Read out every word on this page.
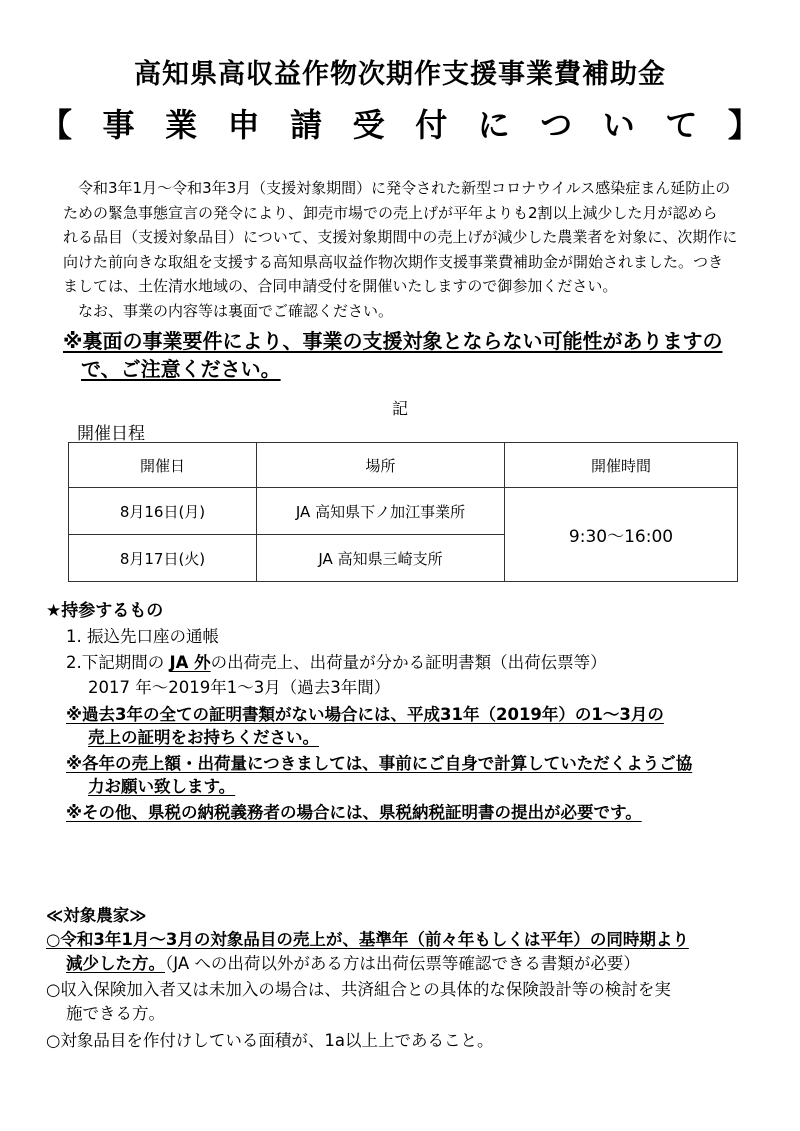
高知県高収益作物次期作支援事業費補助金
【 事 業 申 請 受 付 に つ い て 】
　令和3年1月～令和3年3月（支援対象期間）に発令された新型コロナウイルス感染症まん延防止の
ための緊急事態宣言の発令により、卸売市場での売上げが平年よりも2割以上減少した月が認めら
れる品目（支援対象品目）について、支援対象期間中の売上げが減少した農業者を対象に、次期作に
向けた前向きな取組を支援する高知県高収益作物次期作支援事業費補助金が開始されました。つき
ましては、土佐清水地域の、合同申請受付を開催いたしますので御参加ください。
　なお、事業の内容等は裏面でご確認ください。
※裏面の事業要件により、事業の支援対象とならない可能性がありますの
で、ご注意ください。
記
開催日程
開催日	場所	開催時間
8月16日(月)	JA 高知県下ノ加江事業所	9:30～16:00
8月17日(火)	JA 高知県三崎支所	
★持参するもの
1. 振込先口座の通帳
2.下記期間の JA 外の出荷売上、出荷量が分かる証明書類（出荷伝票等）
2017 年～2019年1～3月（過去3年間）
※過去3年の全ての証明書類がない場合には、平成31年（2019年）の1～3月の
売上の証明をお持ちください。
※各年の売上額・出荷量につきましては、事前にご自身で計算していただくようご協
力お願い致します。
※その他、県税の納税義務者の場合には、県税納税証明書の提出が必要です。
≪対象農家≫
○令和3年1月～3月の対象品目の売上が、基準年（前々年もしくは平年）の同時期より
減少した方。（JA への出荷以外がある方は出荷伝票等確認できる書類が必要）
○収入保険加入者又は未加入の場合は、共済組合との具体的な保険設計等の検討を実
施できる方。
○対象品目を作付けしている面積が、1a以上上であること。
